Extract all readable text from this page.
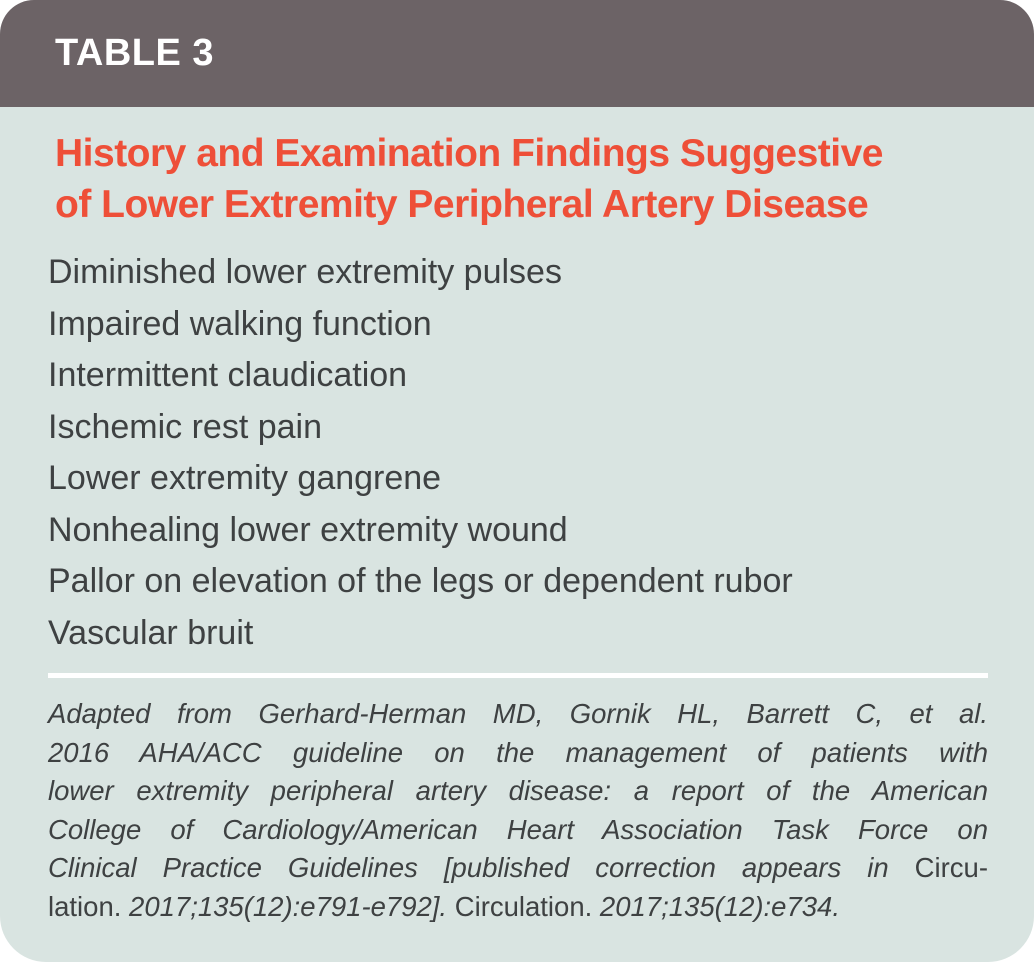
TABLE 3
History and Examination Findings Suggestive
of Lower Extremity Peripheral Artery Disease
Diminished lower extremity pulses
Impaired walking function
Intermittent claudication
Ischemic rest pain
Lower extremity gangrene
Nonhealing lower extremity wound
Pallor on elevation of the legs or dependent rubor
Vascular bruit
Adapted from Gerhard-Herman MD, Gornik HL, Barrett C, et al.
2016 AHA/ACC guideline on the management of patients with
lower extremity peripheral artery disease: a report of the American
College of Cardiology/American Heart Association Task Force on
Clinical Practice Guidelines [published correction appears in Circu-
lation. 2017;135(12):e791-e792]. Circulation. 2017;135(12):e734.
